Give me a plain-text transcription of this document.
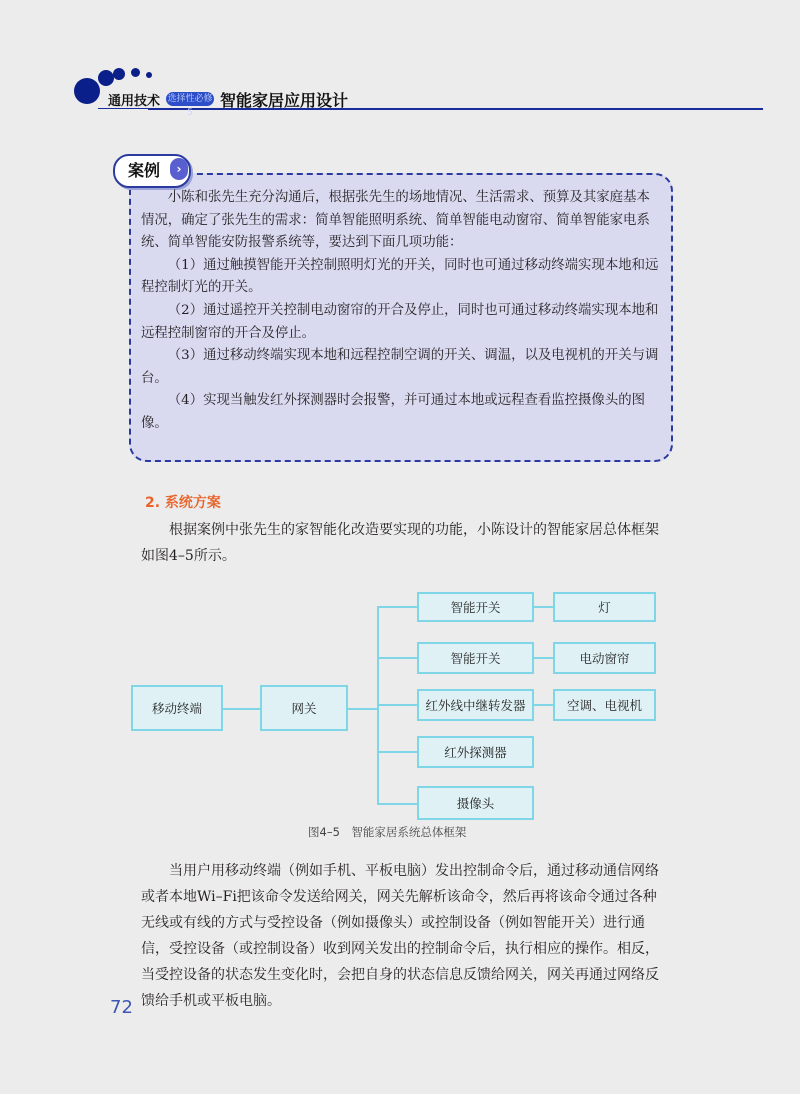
通用技术 选择性必修5
智能家居应用设计
案例	›

小陈和张先生充分沟通后，根据张先生的场地情况、生活需求、预算及其家庭基本情况，确定了张先生的需求：简单智能照明系统、简单智能电动窗帘、简单智能家电系统、简单智能安防报警系统等，要达到下面几项功能：

（1）通过触摸智能开关控制照明灯光的开关，同时也可通过移动终端实现本地和远程控制灯光的开关。

（2）通过遥控开关控制电动窗帘的开合及停止，同时也可通过移动终端实现本地和远程控制窗帘的开合及停止。

（3）通过移动终端实现本地和远程控制空调的开关、调温，以及电视机的开关与调台。

（4）实现当触发红外探测器时会报警，并可通过本地或远程查看监控摄像头的图像。

2. 系统方案

根据案例中张先生的家智能化改造要实现的功能，小陈设计的智能家居总体框架如图4–5所示。

移动终端	网关
智能开关
智能开关
红外线中继转发器
红外探测器
摄像头
灯
电动窗帘
空调、电视机
图4–5　智能家居系统总体框架

当用户用移动终端（例如手机、平板电脑）发出控制命令后，通过移动通信网络或者本地Wi–Fi把该命令发送给网关，网关先解析该命令，然后再将该命令通过各种无线或有线的方式与受控设备（例如摄像头）或控制设备（例如智能开关）进行通信，受控设备（或控制设备）收到网关发出的控制命令后，执行相应的操作。相反，当受控设备的状态发生变化时，会把自身的状态信息反馈给网关，网关再通过网络反馈给手机或平板电脑。

72
